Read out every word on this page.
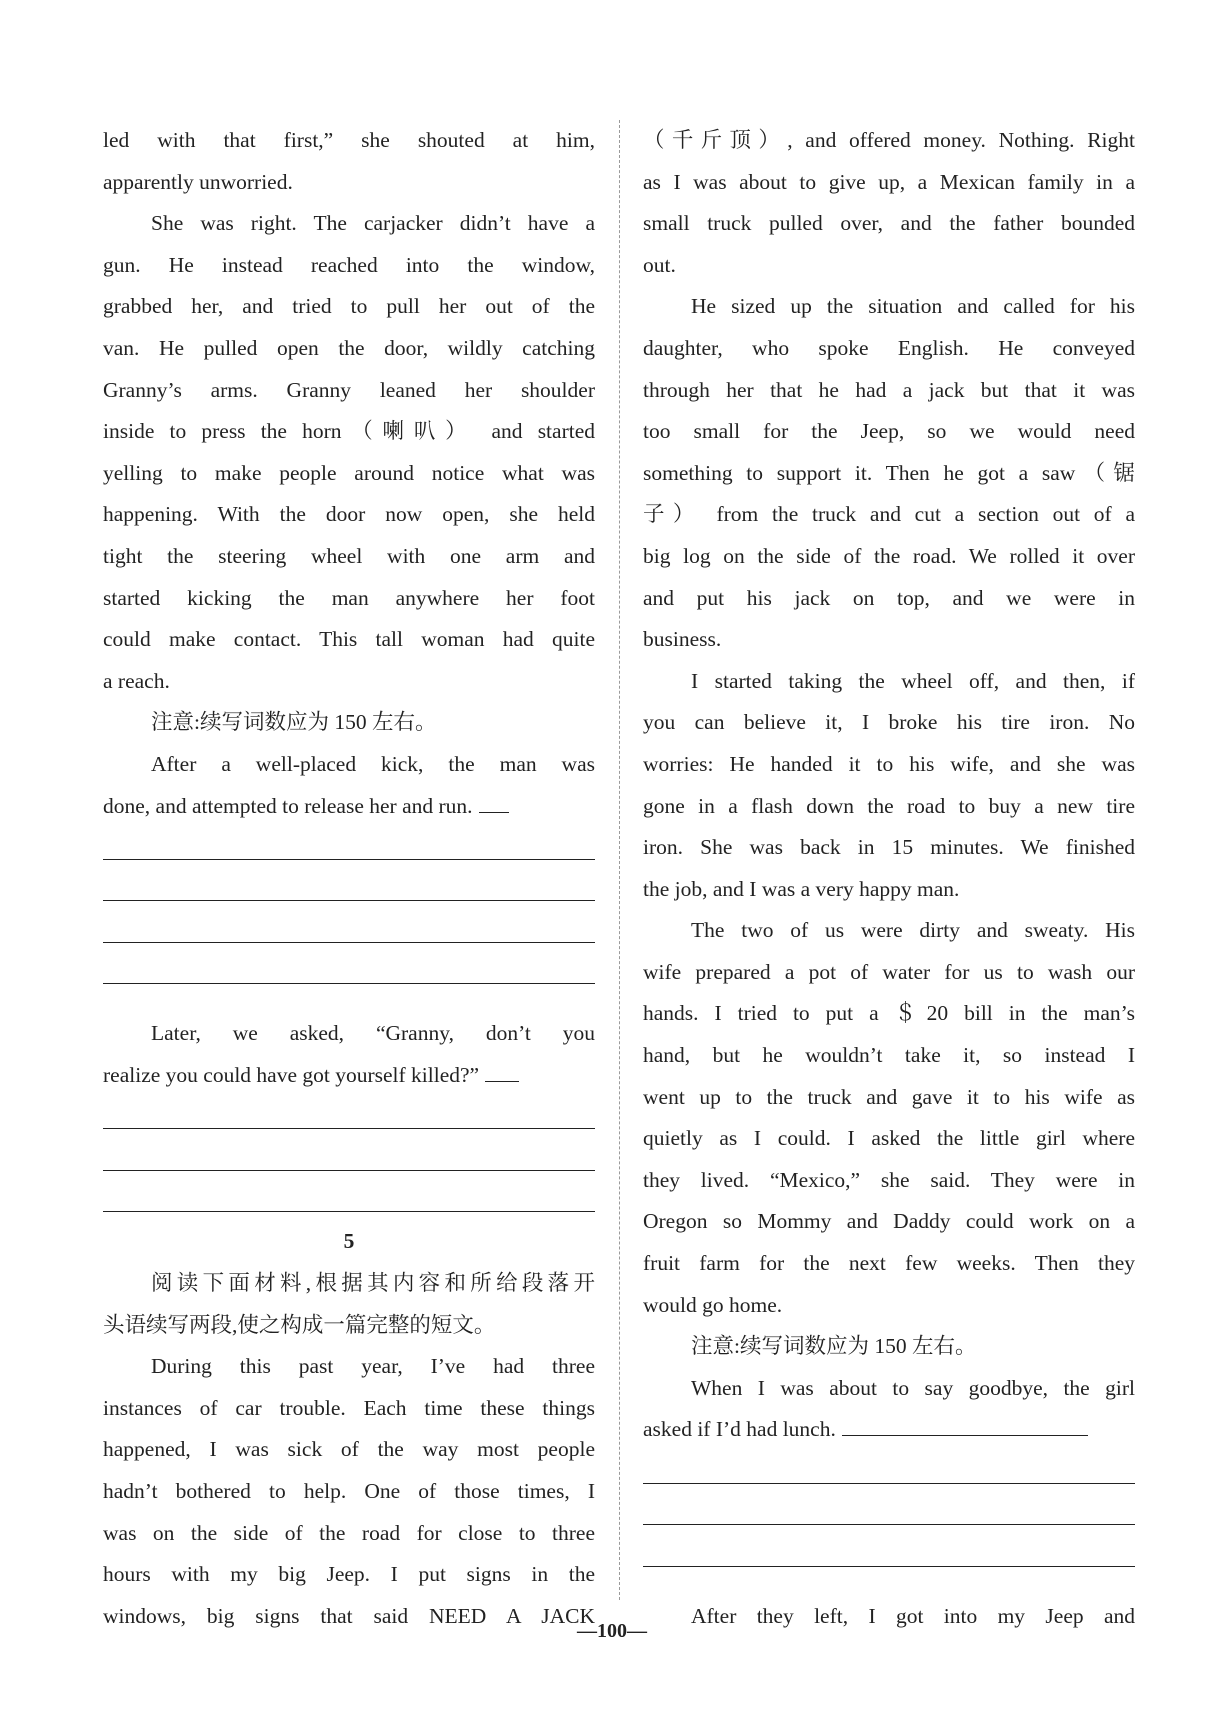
led with that first,” she shouted at him,
apparently unworried.
She was right. The carjacker didn’t have a
gun. He instead reached into the window,
grabbed her, and tried to pull her out of the
van. He pulled open the door, wildly catching
Granny’s arms. Granny leaned her shoulder
inside to press the horn（喇叭） and started
yelling to make people around notice what was
happening. With the door now open, she held
tight the steering wheel with one arm and
started kicking the man anywhere her foot
could make contact. This tall woman had quite
a reach.
注意:续写词数应为 150 左右。
After a well-placed kick, the man was
done, and attempted to release her and run.
Later, we asked, “Granny, don’t you
realize you could have got yourself killed?”
5
阅读下面材料,根据其内容和所给段落开
头语续写两段,使之构成一篇完整的短文。
During this past year, I’ve had three
instances of car trouble. Each time these things
happened, I was sick of the way most people
hadn’t bothered to help. One of those times, I
was on the side of the road for close to three
hours with my big Jeep. I put signs in the
windows, big signs that said NEED A JACK
（千斤顶）, and offered money. Nothing. Right
as I was about to give up, a Mexican family in a
small truck pulled over, and the father bounded
out.
He sized up the situation and called for his
daughter, who spoke English. He conveyed
through her that he had a jack but that it was
too small for the Jeep, so we would need
something to support it. Then he got a saw（锯
子） from the truck and cut a section out of a
big log on the side of the road. We rolled it over
and put his jack on top, and we were in
business.
I started taking the wheel off, and then, if
you can believe it, I broke his tire iron. No
worries: He handed it to his wife, and she was
gone in a flash down the road to buy a new tire
iron. She was back in 15 minutes. We finished
the job, and I was a very happy man.
The two of us were dirty and sweaty. His
wife prepared a pot of water for us to wash our
hands. I tried to put a ＄20 bill in the man’s
hand, but he wouldn’t take it, so instead I
went up to the truck and gave it to his wife as
quietly as I could. I asked the little girl where
they lived. “Mexico,” she said. They were in
Oregon so Mommy and Daddy could work on a
fruit farm for the next few weeks. Then they
would go home.
注意:续写词数应为 150 左右。
When I was about to say goodbye, the girl
asked if I’d had lunch.
After they left, I got into my Jeep and
—100—
